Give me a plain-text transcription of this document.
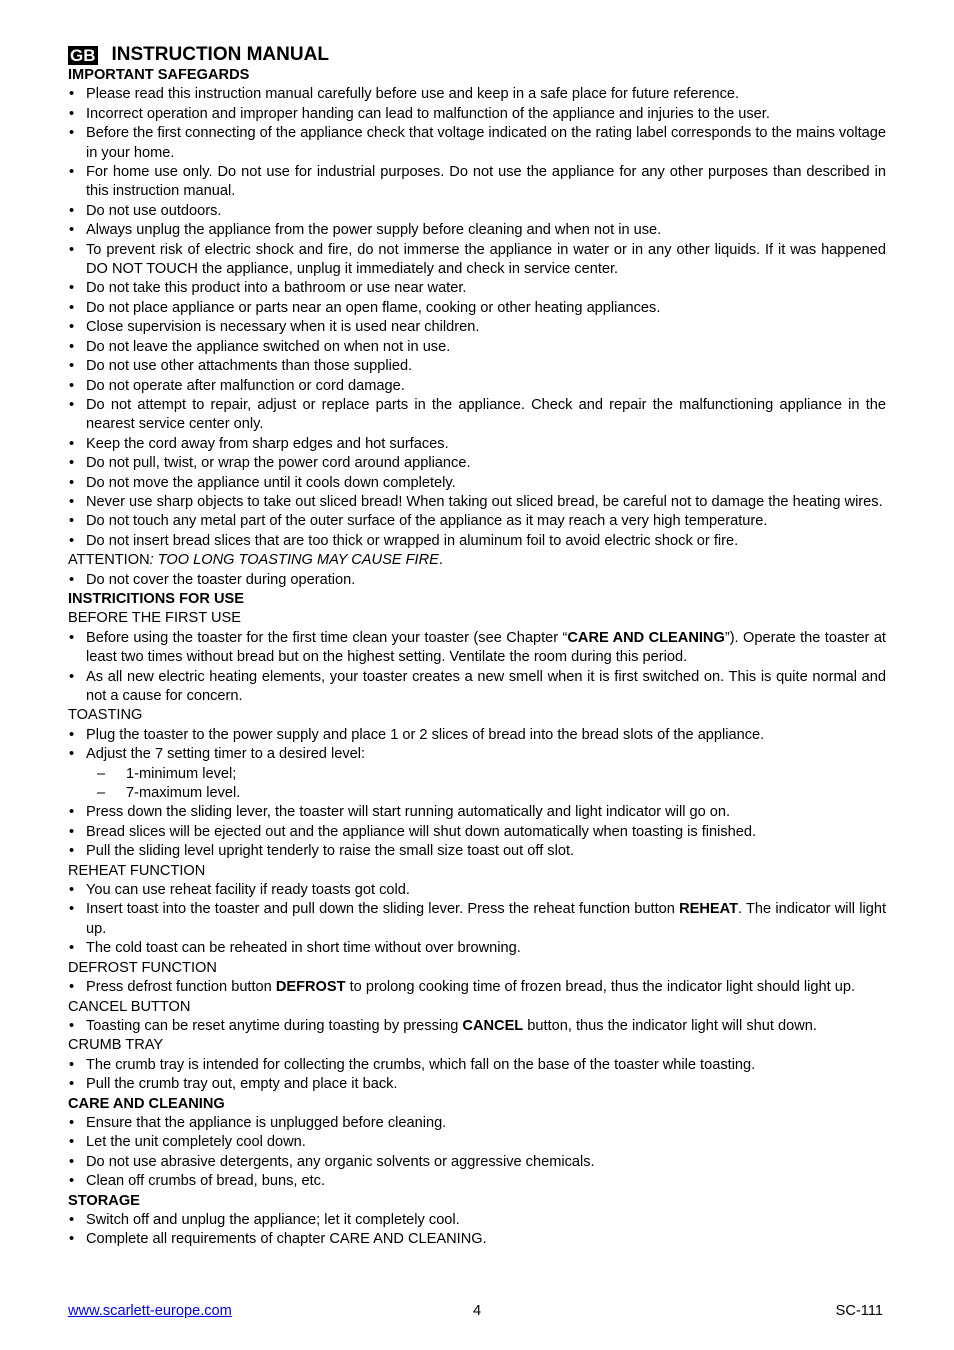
GB INSTRUCTION MANUAL
IMPORTANT SAFEGARDS
• Please read this instruction manual carefully before use and keep in a safe place for future reference.
• Incorrect operation and improper handing can lead to malfunction of the appliance and injuries to the user.
• Before the first connecting of the appliance check that voltage indicated on the rating label corresponds to the mains voltage in your home.
• For home use only. Do not use for industrial purposes. Do not use the appliance for any other purposes than described in this instruction manual.
• Do not use outdoors.
• Always unplug the appliance from the power supply before cleaning and when not in use.
• To prevent risk of electric shock and fire, do not immerse the appliance in water or in any other liquids. If it was happened DO NOT TOUCH the appliance, unplug it immediately and check in service center.
• Do not take this product into a bathroom or use near water.
• Do not place appliance or parts near an open flame, cooking or other heating appliances.
• Close supervision is necessary when it is used near children.
• Do not leave the appliance switched on when not in use.
• Do not use other attachments than those supplied.
• Do not operate after malfunction or cord damage.
• Do not attempt to repair, adjust or replace parts in the appliance. Check and repair the malfunctioning appliance in the nearest service center only.
• Keep the cord away from sharp edges and hot surfaces.
• Do not pull, twist, or wrap the power cord around appliance.
• Do not move the appliance until it cools down completely.
• Never use sharp objects to take out sliced bread! When taking out sliced bread, be careful not to damage the heating wires.
• Do not touch any metal part of the outer surface of the appliance as it may reach a very high temperature.
• Do not insert bread slices that are too thick or wrapped in aluminum foil to avoid electric shock or fire.
ATTENTION: TOO LONG TOASTING MAY CAUSE FIRE.
• Do not cover the toaster during operation.
INSTRICITIONS FOR USE
BEFORE THE FIRST USE
• Before using the toaster for the first time clean your toaster (see Chapter “CARE AND CLEANING”). Operate the toaster at least two times without bread but on the highest setting. Ventilate the room during this period.
• As all new electric heating elements, your toaster creates a new smell when it is first switched on. This is quite normal and not a cause for concern.
TOASTING
• Plug the toaster to the power supply and place 1 or 2 slices of bread into the bread slots of the appliance.
• Adjust the 7 setting timer to a desired level:
– 1-minimum level;
– 7-maximum level.
• Press down the sliding lever, the toaster will start running automatically and light indicator will go on.
• Bread slices will be ejected out and the appliance will shut down automatically when toasting is finished.
• Pull the sliding level upright tenderly to raise the small size toast out off slot.
REHEAT FUNCTION
• You can use reheat facility if ready toasts got cold.
• Insert toast into the toaster and pull down the sliding lever. Press the reheat function button REHEAT. The indicator will light up.
• The cold toast can be reheated in short time without over browning.
DEFROST FUNCTION
• Press defrost function button DEFROST to prolong cooking time of frozen bread, thus the indicator light should light up.
CANCEL BUTTON
• Toasting can be reset anytime during toasting by pressing CANCEL button, thus the indicator light will shut down.
CRUMB TRAY
• The crumb tray is intended for collecting the crumbs, which fall on the base of the toaster while toasting.
• Pull the crumb tray out, empty and place it back.
CARE AND CLEANING
• Ensure that the appliance is unplugged before cleaning.
• Let the unit completely cool down.
• Do not use abrasive detergents, any organic solvents or aggressive chemicals.
• Clean off crumbs of bread, buns, etc.
STORAGE
• Switch off and unplug the appliance; let it completely cool.
• Complete all requirements of chapter CARE AND CLEANING.
www.scarlett-europe.com	4	SC-111
